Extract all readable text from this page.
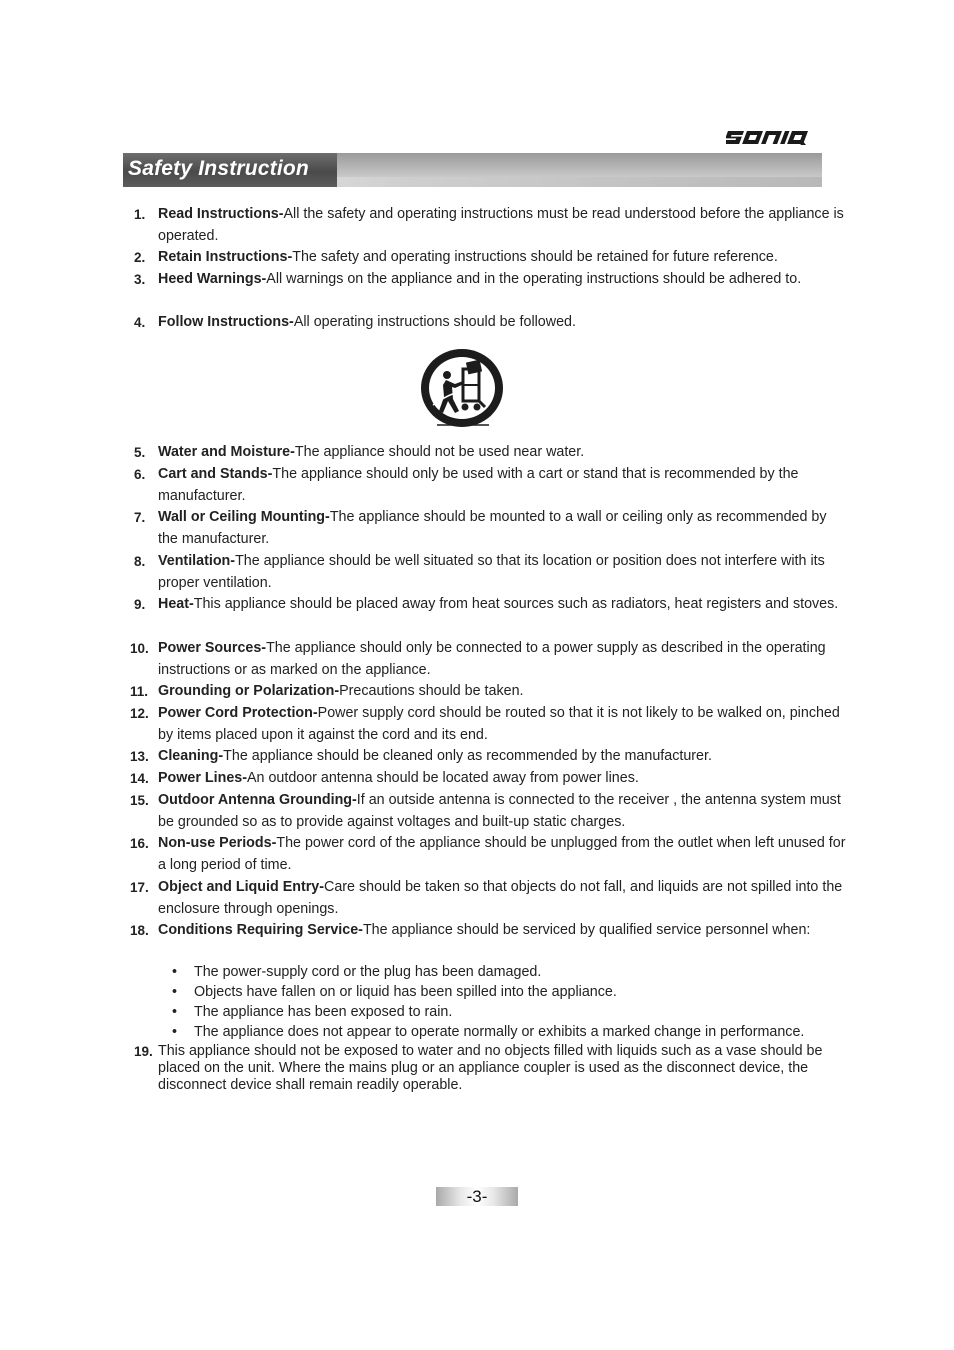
Safety Instruction
1. Read Instructions-All the safety and operating instructions must be read understood before the appliance is operated.
2. Retain Instructions-The safety and operating instructions should be retained for future reference.
3. Heed Warnings-All warnings on the appliance and in the operating instructions should be adhered to.
4. Follow Instructions-All operating instructions should be followed.
5. Water and Moisture-The appliance should not be used near water.
6. Cart and Stands-The appliance should only be used with a cart or stand that is recommended by the manufacturer.
7. Wall or Ceiling Mounting-The appliance should be mounted to a wall or ceiling only as recommended by the manufacturer.
8. Ventilation-The appliance should be well situated so that its location or position does not interfere with its proper ventilation.
9. Heat-This appliance should be placed away from heat sources such as radiators, heat registers and stoves.
10. Power Sources-The appliance should only be connected to a power supply as described in the operating instructions or as marked on the appliance.
11. Grounding or Polarization-Precautions should be taken.
12. Power Cord Protection-Power supply cord should be routed so that it is not likely to be walked on, pinched by items placed upon it against the cord and its end.
13. Cleaning-The appliance should be cleaned only as recommended by the manufacturer.
14. Power Lines-An outdoor antenna should be located away from power lines.
15. Outdoor Antenna Grounding-If an outside antenna is connected to the receiver , the antenna system must be grounded so as to provide against voltages and built-up static charges.
16. Non-use Periods-The power cord of the appliance should be unplugged from the outlet when left unused for a long period of time.
17. Object and Liquid Entry-Care should be taken so that objects do not fall, and liquids are not spilled into the enclosure through openings.
18. Conditions Requiring Service-The appliance should be serviced by qualified service personnel when:
• The power-supply cord or the plug has been damaged.
• Objects have fallen on or liquid has been spilled into the appliance.
• The appliance has been exposed to rain.
• The appliance does not appear to operate normally or exhibits a marked change in performance.
19. This appliance should not be exposed to water and no objects filled with liquids such as a vase should be placed on the unit. Where the mains plug or an appliance coupler is used as the disconnect device, the disconnect device shall remain readily operable.
-3-
